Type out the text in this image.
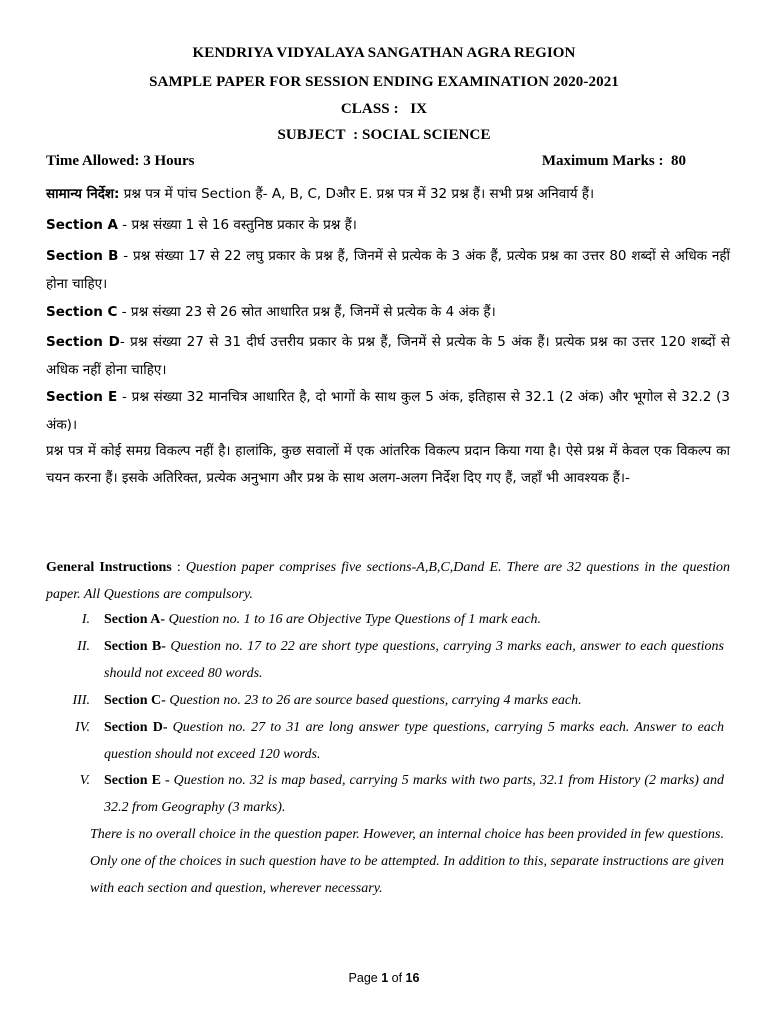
KENDRIYA VIDYALAYA SANGATHAN AGRA REGION
SAMPLE PAPER FOR SESSION ENDING EXAMINATION 2020-2021
CLASS :   IX
SUBJECT  : SOCIAL SCIENCE
Time Allowed: 3 Hours	Maximum Marks :  80
सामान्य निर्देश: प्रश्न पत्र में पांच Section हैं- A, B, C, Dऔर E. प्रश्न पत्र में 32 प्रश्न हैं। सभी प्रश्न अनिवार्य हैं।
Section A - प्रश्न संख्या 1 से 16 वस्तुनिष्ठ प्रकार के प्रश्न हैं।
Section B - प्रश्न संख्या 17 से 22 लघु प्रकार के प्रश्न हैं, जिनमें से प्रत्येक के 3 अंक हैं, प्रत्येक प्रश्न का उत्तर 80 शब्दों से अधिक नहीं होना चाहिए।
Section C - प्रश्न संख्या 23 से 26 स्रोत आधारित प्रश्न हैं, जिनमें से प्रत्येक के 4 अंक हैं।
Section D- प्रश्न संख्या 27 से 31 दीर्घ उत्तरीय प्रकार के प्रश्न हैं, जिनमें से प्रत्येक के 5 अंक हैं। प्रत्येक प्रश्न का उत्तर 120 शब्दों से अधिक नहीं होना चाहिए।
Section E - प्रश्न संख्या 32 मानचित्र आधारित है, दो भागों के साथ कुल 5 अंक, इतिहास से 32.1 (2 अंक) और भूगोल से 32.2 (3 अंक)।
प्रश्न पत्र में कोई समग्र विकल्प नहीं है। हालांकि, कुछ सवालों में एक आंतरिक विकल्प प्रदान किया गया है। ऐसे प्रश्न में केवल एक विकल्प का चयन करना हैं। इसके अतिरिक्त, प्रत्येक अनुभाग और प्रश्न के साथ अलग-अलग निर्देश दिए गए हैं, जहाँ भी आवश्यक हैं।-
General Instructions : Question paper comprises five sections-A,B,C,Dand E. There are 32 questions in the question paper. All Questions are compulsory.
I. Section A- Question no. 1 to 16 are Objective Type Questions of 1 mark each.
II. Section B- Question no. 17 to 22 are short type questions, carrying 3 marks each, answer to each questions should not exceed 80 words.
III. Section C- Question no. 23 to 26 are source based questions, carrying 4 marks each.
IV. Section D- Question no. 27 to 31 are long answer type questions, carrying 5 marks each. Answer to each question should not exceed 120 words.
V. Section E - Question no. 32 is map based, carrying 5 marks with two parts, 32.1 from History (2 marks) and 32.2 from Geography (3 marks).
There is no overall choice in the question paper. However, an internal choice has been provided in few questions. Only one of the choices in such question have to be attempted. In addition to this, separate instructions are given with each section and question, wherever necessary.
Page 1 of 16
